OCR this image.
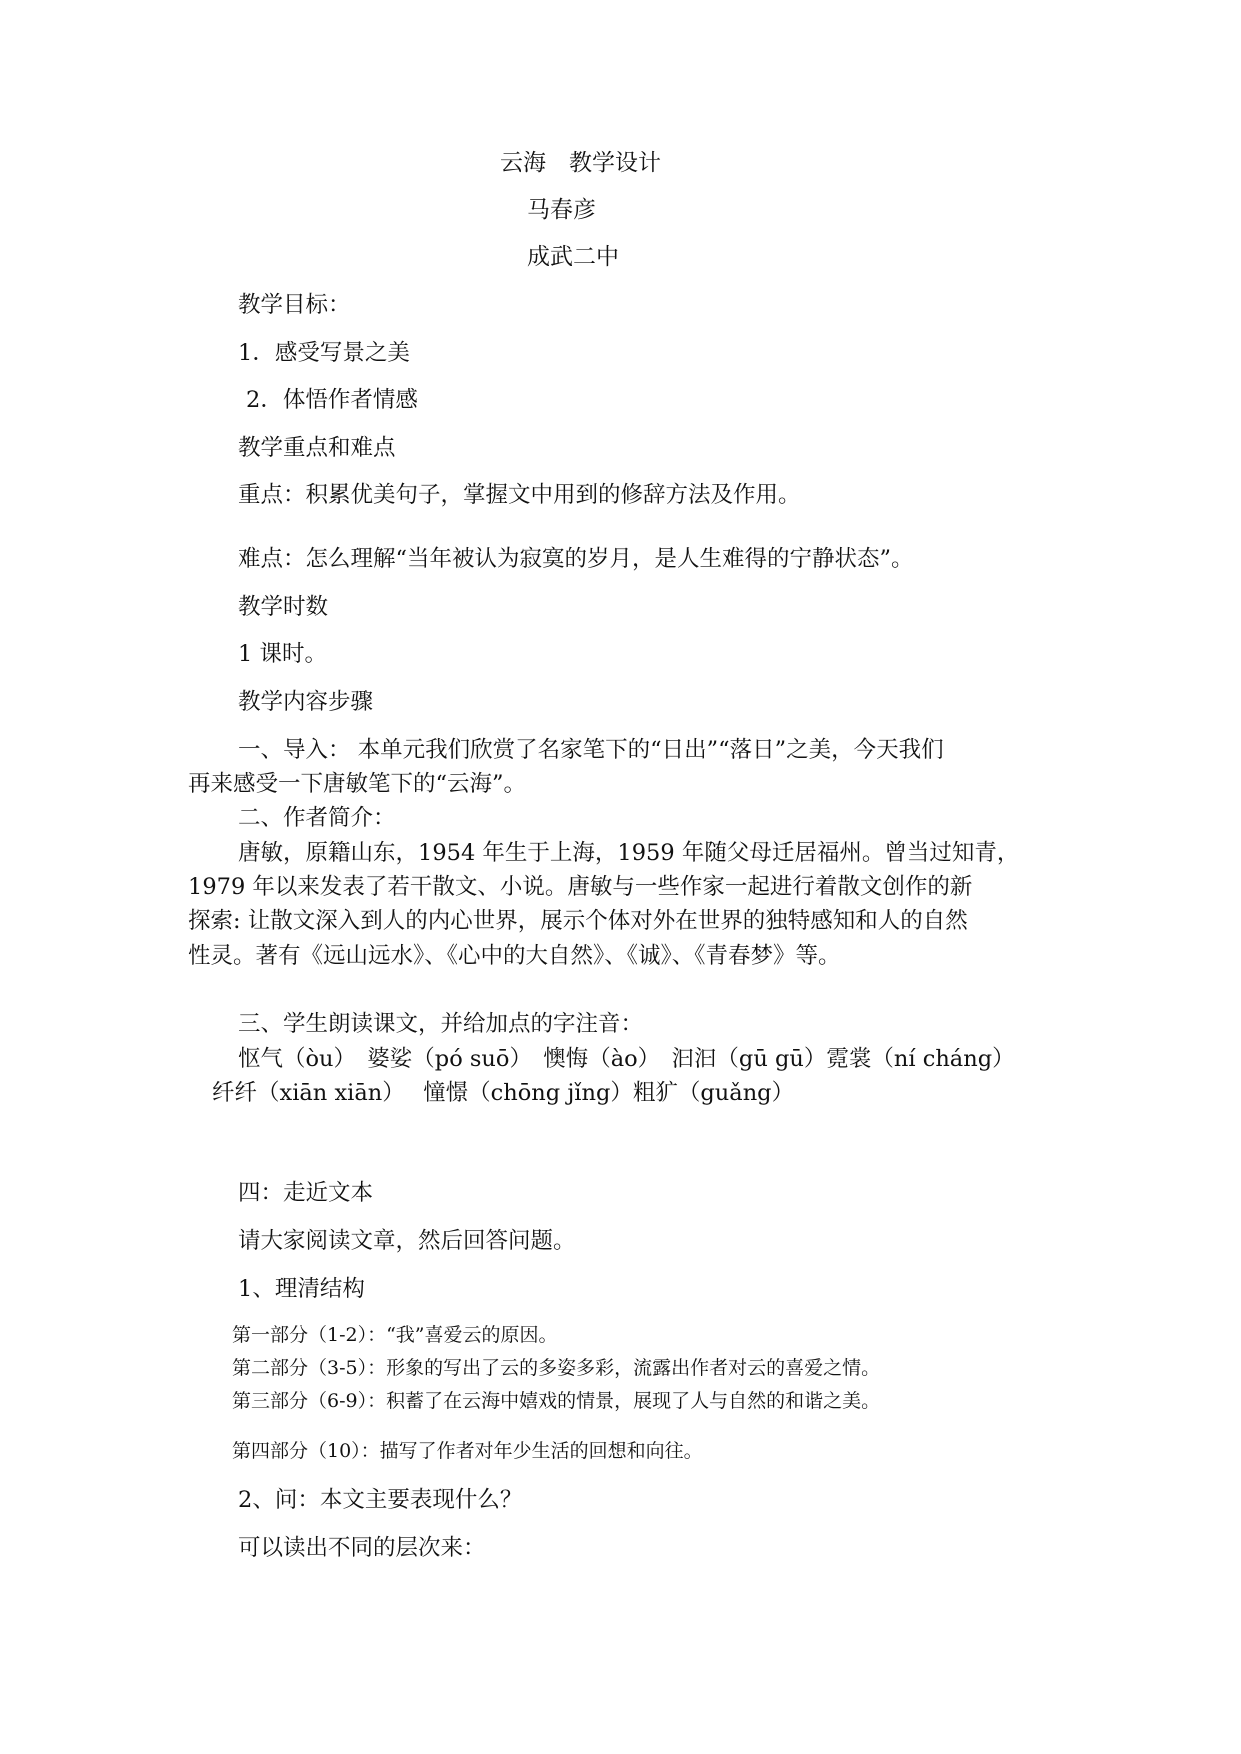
云海　教学设计
马春彦
成武二中
教学目标：
1．感受写景之美
2．体悟作者情感
教学重点和难点
重点：积累优美句子，掌握文中用到的修辞方法及作用。
难点：怎么理解“当年被认为寂寞的岁月，是人生难得的宁静状态”。
教学时数
1 课时。
教学内容步骤
一、导入： 本单元我们欣赏了名家笔下的“日出”“落日”之美，今天我们
再来感受一下唐敏笔下的“云海”。
二、作者简介：
唐敏，原籍山东，1954 年生于上海，1959 年随父母迁居福州。曾当过知青，
1979 年以来发表了若干散文、小说。唐敏与一些作家一起进行着散文创作的新
探索: 让散文深入到人的内心世界，展示个体对外在世界的独特感知和人的自然
性灵。著有《远山远水》、《心中的大自然》、《诚》、《青春梦》等。
三、学生朗读课文，并给加点的字注音：
怄气（òu）　婆娑（pó suō）　懊悔（ào）　汩汩（gū gū）霓裳（ní cháng）
纤纤（xiān xiān）　 憧憬（chōng jǐng）粗犷（guǎng）
四：走近文本
请大家阅读文章，然后回答问题。
1、理清结构
第一部分（1-2）：“我”喜爱云的原因。
第二部分（3-5）：形象的写出了云的多姿多彩，流露出作者对云的喜爱之情。
第三部分（6-9）：积蓄了在云海中嬉戏的情景，展现了人与自然的和谐之美。
第四部分（10）：描写了作者对年少生活的回想和向往。
2、问：本文主要表现什么？
可以读出不同的层次来：
